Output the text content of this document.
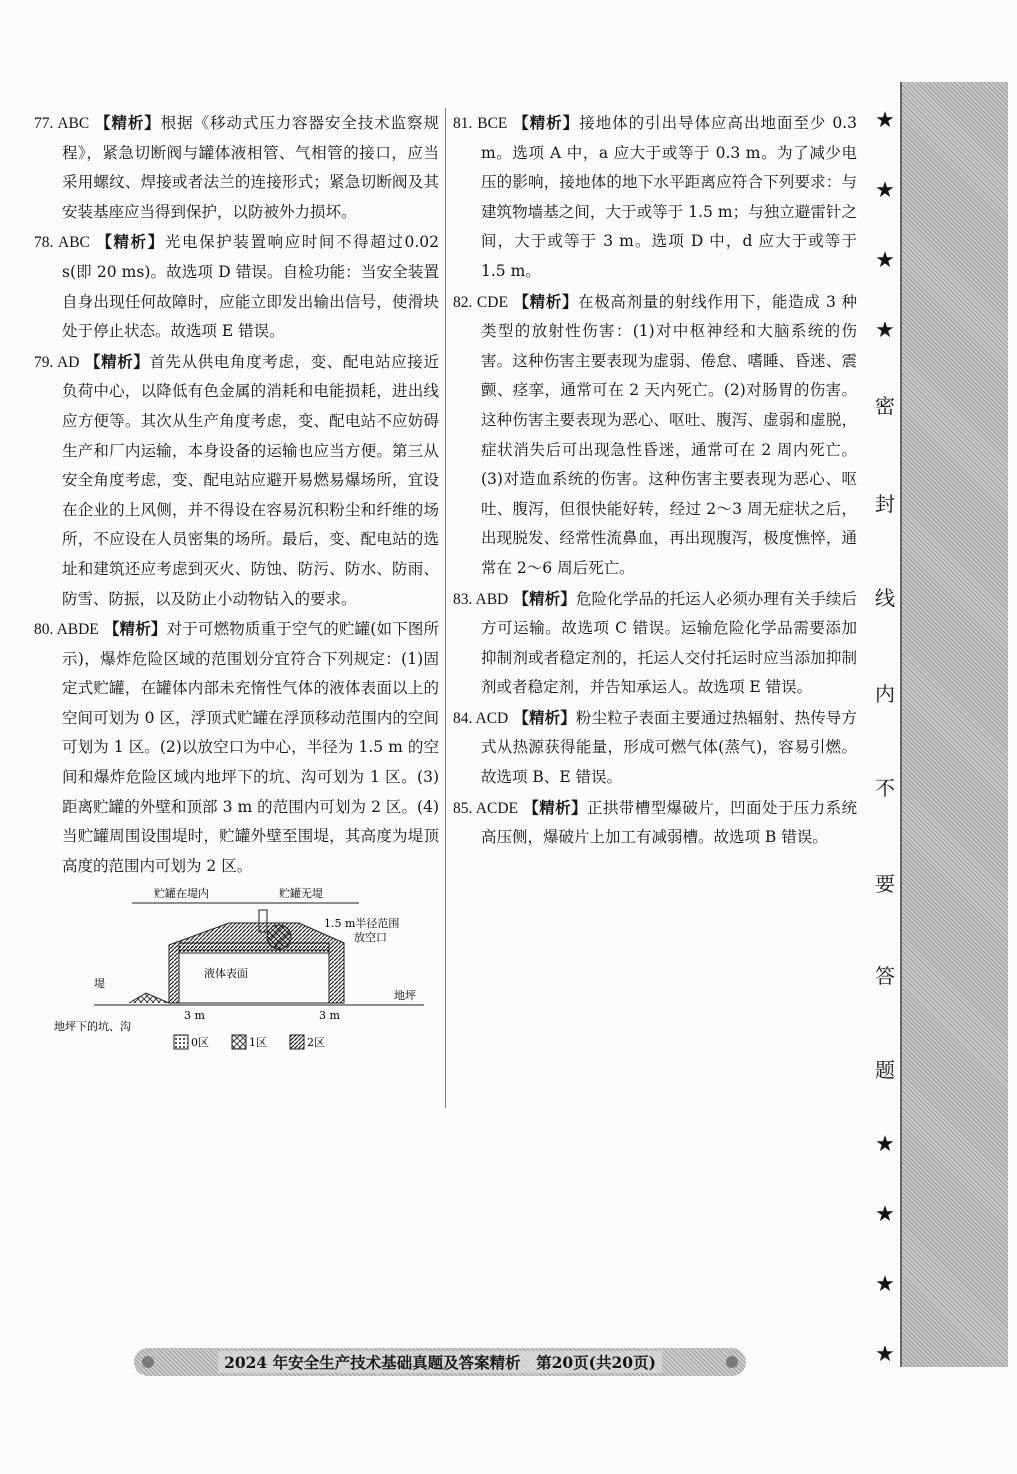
77. ABC 【精析】根据《移动式压力容器安全技术监察规程》，紧急切断阀与罐体液相管、气相管的接口，应当采用螺纹、焊接或者法兰的连接形式；紧急切断阀及其安装基座应当得到保护，以防被外力损坏。

78. ABC 【精析】光电保护装置响应时间不得超过0.02 s(即 20 ms)。故选项 D 错误。自检功能：当安全装置自身出现任何故障时，应能立即发出输出信号，使滑块处于停止状态。故选项 E 错误。

79. AD 【精析】首先从供电角度考虑，变、配电站应接近负荷中心，以降低有色金属的消耗和电能损耗，进出线应方便等。其次从生产角度考虑，变、配电站不应妨碍生产和厂内运输，本身设备的运输也应当方便。第三从安全角度考虑，变、配电站应避开易燃易爆场所，宜设在企业的上风侧，并不得设在容易沉积粉尘和纤维的场所，不应设在人员密集的场所。最后，变、配电站的选址和建筑还应考虑到灭火、防蚀、防污、防水、防雨、防雪、防振，以及防止小动物钻入的要求。

80. ABDE 【精析】对于可燃物质重于空气的贮罐(如下图所示)，爆炸危险区域的范围划分宜符合下列规定：(1)固定式贮罐，在罐体内部未充惰性气体的液体表面以上的空间可划为 0 区，浮顶式贮罐在浮顶移动范围内的空间可划为 1 区。(2)以放空口为中心，半径为 1.5 m 的空间和爆炸危险区域内地坪下的坑、沟可划为 1 区。(3)距离贮罐的外壁和顶部 3 m 的范围内可划为 2 区。(4)当贮罐周围设围堤时，贮罐外壁至围堤，其高度为堤顶高度的范围内可划为 2 区。

贮罐在堤内	贮罐无堤
1.5 m半径范围
放空口
液体表面
堤
地坪
3 m	3 m
地坪下的坑、沟
0区	1区	2区

81. BCE 【精析】接地体的引出导体应高出地面至少 0.3 m。选项 A 中，a 应大于或等于 0.3 m。为了减少电压的影响，接地体的地下水平距离应符合下列要求：与建筑物墙基之间，大于或等于 1.5 m；与独立避雷针之间，大于或等于 3 m。选项 D 中，d 应大于或等于 1.5 m。

82. CDE 【精析】在极高剂量的射线作用下，能造成 3 种类型的放射性伤害：(1)对中枢神经和大脑系统的伤害。这种伤害主要表现为虚弱、倦怠、嗜睡、昏迷、震颤、痉挛，通常可在 2 天内死亡。(2)对肠胃的伤害。这种伤害主要表现为恶心、呕吐、腹泻、虚弱和虚脱，症状消失后可出现急性昏迷，通常可在 2 周内死亡。(3)对造血系统的伤害。这种伤害主要表现为恶心、呕吐、腹泻，但很快能好转，经过 2～3 周无症状之后，出现脱发、经常性流鼻血，再出现腹泻，极度憔悴，通常在 2～6 周后死亡。

83. ABD 【精析】危险化学品的托运人必须办理有关手续后方可运输。故选项 C 错误。运输危险化学品需要添加抑制剂或者稳定剂的，托运人交付托运时应当添加抑制剂或者稳定剂，并告知承运人。故选项 E 错误。

84. ACD 【精析】粉尘粒子表面主要通过热辐射、热传导方式从热源获得能量，形成可燃气体(蒸气)，容易引燃。故选项 B、E 错误。

85. ACDE 【精析】正拱带槽型爆破片，凹面处于压力系统高压侧，爆破片上加工有减弱槽。故选项 B 错误。

★
★
★
★
密
封
线
内
不
要
答
题
★
★
★
★
2024 年安全生产技术基础真题及答案精析　第20页(共20页)
